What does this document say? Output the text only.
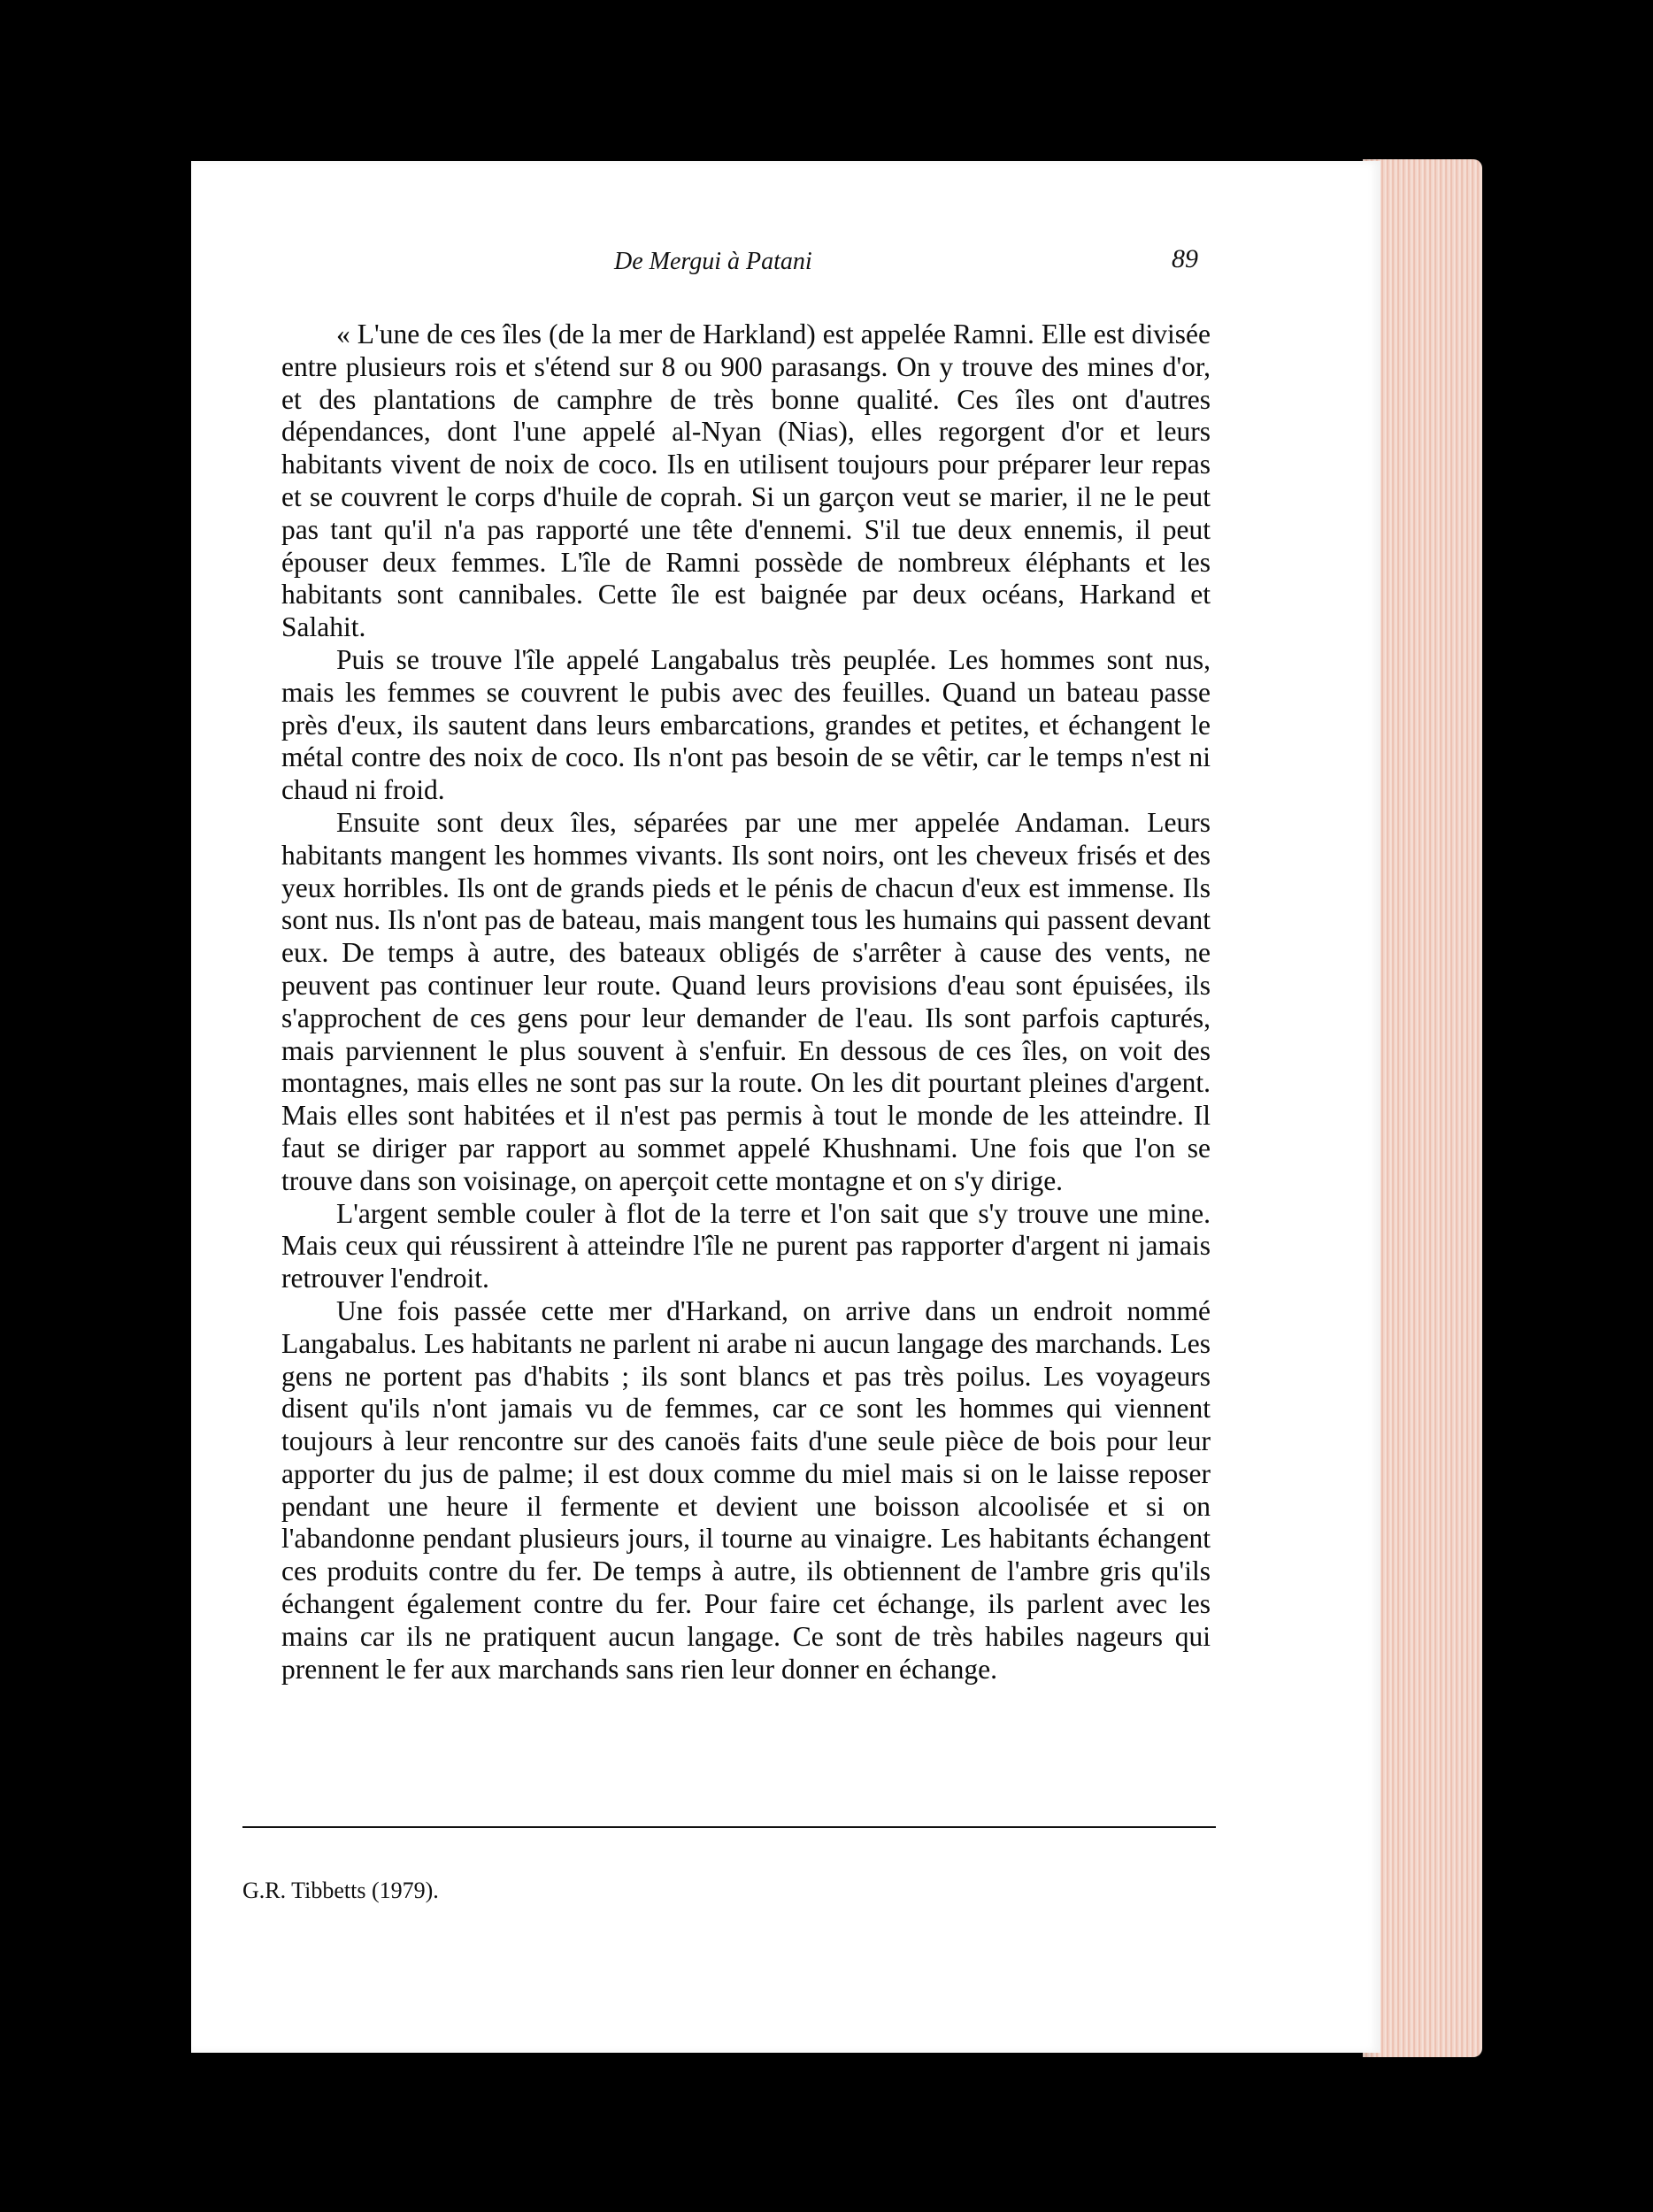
De Mergui à Patani	89

« L'une de ces îles (de la mer de Harkland) est appelée Ramni. Elle est divisée entre plusieurs rois et s'étend sur 8 ou 900 parasangs. On y trouve des mines d'or, et des plantations de camphre de très bonne qualité. Ces îles ont d'autres dépendances, dont l'une appelé al-Nyan (Nias), elles regorgent d'or et leurs habitants vivent de noix de coco. Ils en utilisent toujours pour préparer leur repas et se couvrent le corps d'huile de coprah. Si un garçon veut se marier, il ne le peut pas tant qu'il n'a pas rapporté une tête d'ennemi. S'il tue deux ennemis, il peut épouser deux femmes. L'île de Ramni possède de nombreux éléphants et les habitants sont cannibales. Cette île est baignée par deux océans, Harkand et Salahit.

Puis se trouve l'île appelé Langabalus très peuplée. Les hommes sont nus, mais les femmes se couvrent le pubis avec des feuilles. Quand un bateau passe près d'eux, ils sautent dans leurs embarcations, grandes et petites, et échangent le métal contre des noix de coco. Ils n'ont pas besoin de se vêtir, car le temps n'est ni chaud ni froid.

Ensuite sont deux îles, séparées par une mer appelée Andaman. Leurs habitants mangent les hommes vivants. Ils sont noirs, ont les cheveux frisés et des yeux horribles. Ils ont de grands pieds et le pénis de chacun d'eux est immense. Ils sont nus. Ils n'ont pas de bateau, mais mangent tous les humains qui passent devant eux. De temps à autre, des bateaux obligés de s'arrêter à cause des vents, ne peuvent pas continuer leur route. Quand leurs provisions d'eau sont épuisées, ils s'approchent de ces gens pour leur demander de l'eau. Ils sont parfois capturés, mais parviennent le plus souvent à s'enfuir. En dessous de ces îles, on voit des montagnes, mais elles ne sont pas sur la route. On les dit pourtant pleines d'argent. Mais elles sont habitées et il n'est pas permis à tout le monde de les atteindre. Il faut se diriger par rapport au sommet appelé Khushnami. Une fois que l'on se trouve dans son voisinage, on aperçoit cette montagne et on s'y dirige.

L'argent semble couler à flot de la terre et l'on sait que s'y trouve une mine. Mais ceux qui réussirent à atteindre l'île ne purent pas rapporter d'argent ni jamais retrouver l'endroit.

Une fois passée cette mer d'Harkand, on arrive dans un endroit nommé Langabalus. Les habitants ne parlent ni arabe ni aucun langage des marchands. Les gens ne portent pas d'habits ; ils sont blancs et pas très poilus. Les voyageurs disent qu'ils n'ont jamais vu de femmes, car ce sont les hommes qui viennent toujours à leur rencontre sur des canoës faits d'une seule pièce de bois pour leur apporter du jus de palme; il est doux comme du miel mais si on le laisse reposer pendant une heure il fermente et devient une boisson alcoolisée et si on l'abandonne pendant plusieurs jours, il tourne au vinaigre. Les habitants échangent ces produits contre du fer. De temps à autre, ils obtiennent de l'ambre gris qu'ils échangent également contre du fer. Pour faire cet échange, ils parlent avec les mains car ils ne pratiquent aucun langage. Ce sont de très habiles nageurs qui prennent le fer aux marchands sans rien leur donner en échange.

G.R. Tibbetts (1979).
